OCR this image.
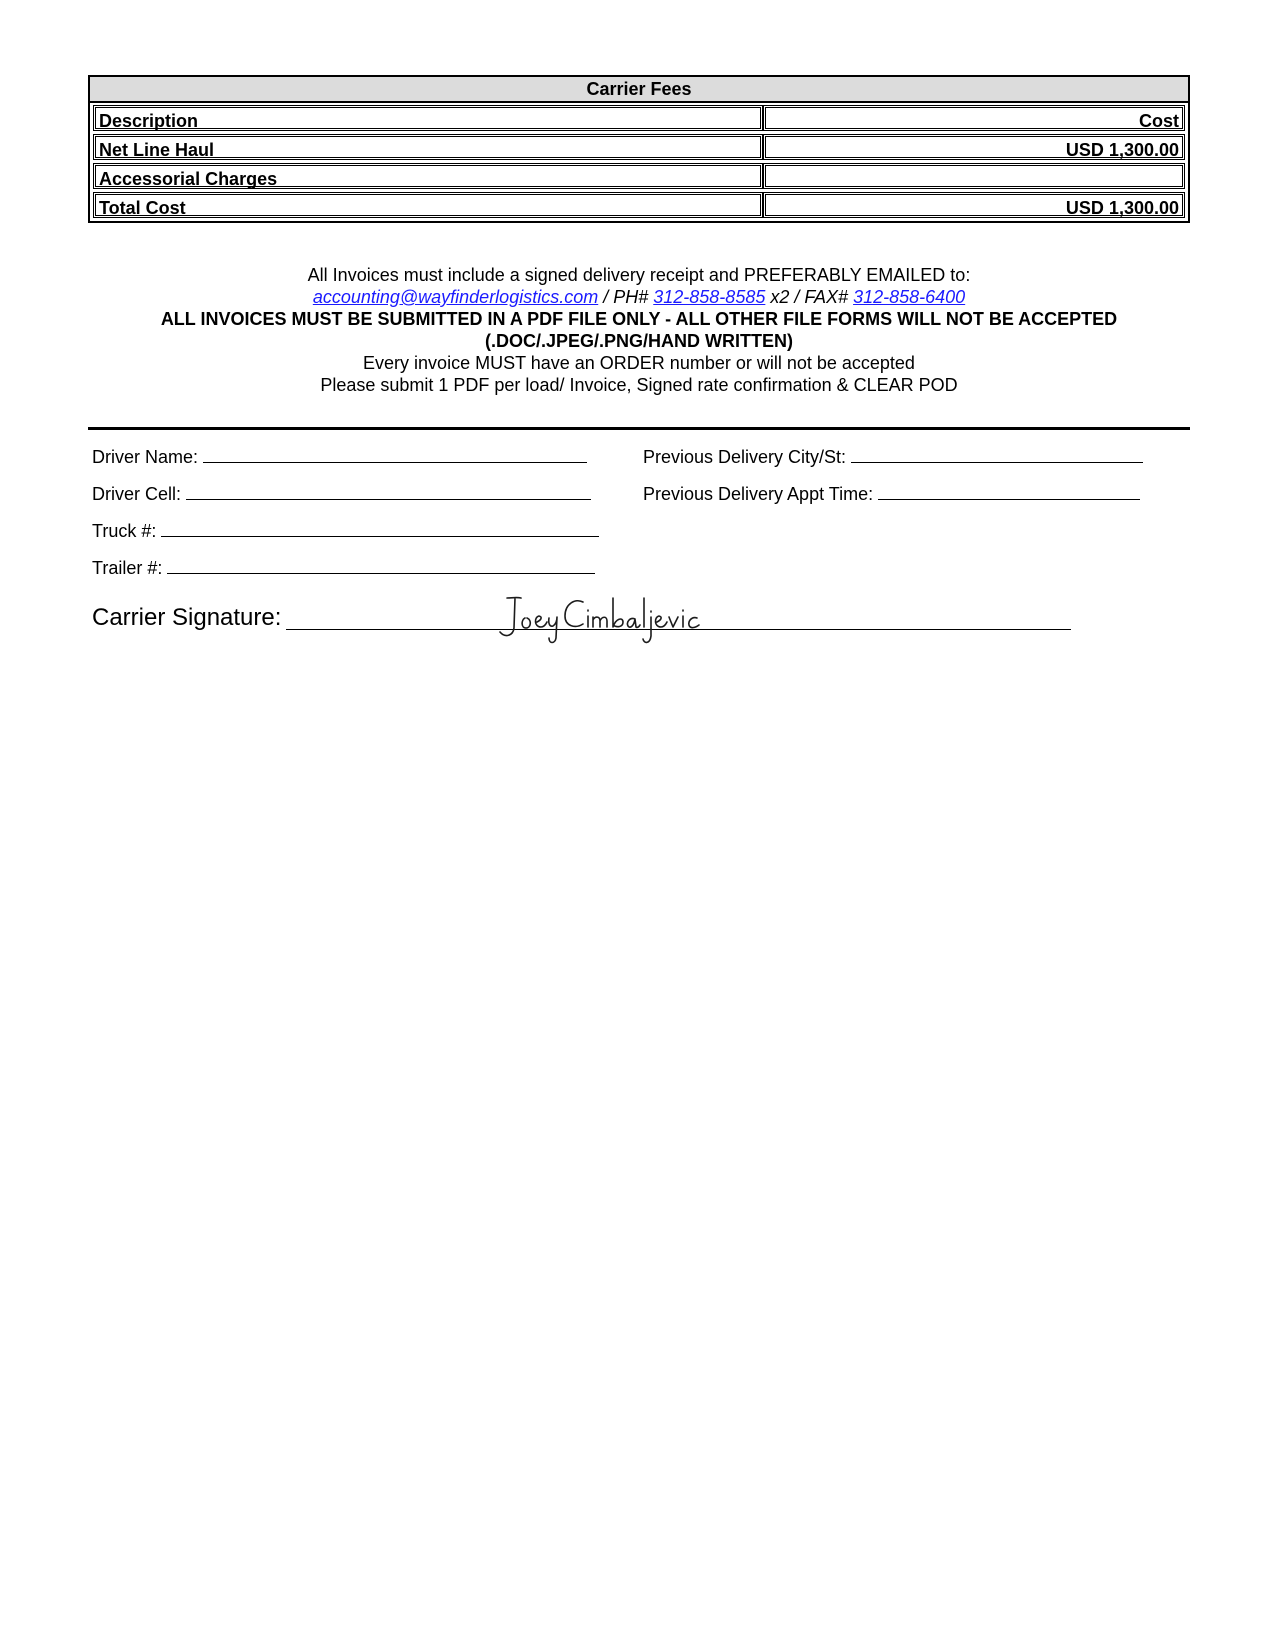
Carrier Fees
Description	Cost
Net Line Haul	USD 1,300.00
Accessorial Charges
Total Cost	USD 1,300.00
All Invoices must include a signed delivery receipt and PREFERABLY EMAILED to:
accounting@wayfinderlogistics.com / PH# 312-858-8585 x2 / FAX# 312-858-6400
ALL INVOICES MUST BE SUBMITTED IN A PDF FILE ONLY - ALL OTHER FILE FORMS WILL NOT BE ACCEPTED
(.DOC/.JPEG/.PNG/HAND WRITTEN)
Every invoice MUST have an ORDER number or will not be accepted
Please submit 1 PDF per load/ Invoice, Signed rate confirmation & CLEAR POD
Driver Name:
Driver Cell:
Truck #:
Trailer #:
Previous Delivery City/St:
Previous Delivery Appt Time:
Carrier Signature:
